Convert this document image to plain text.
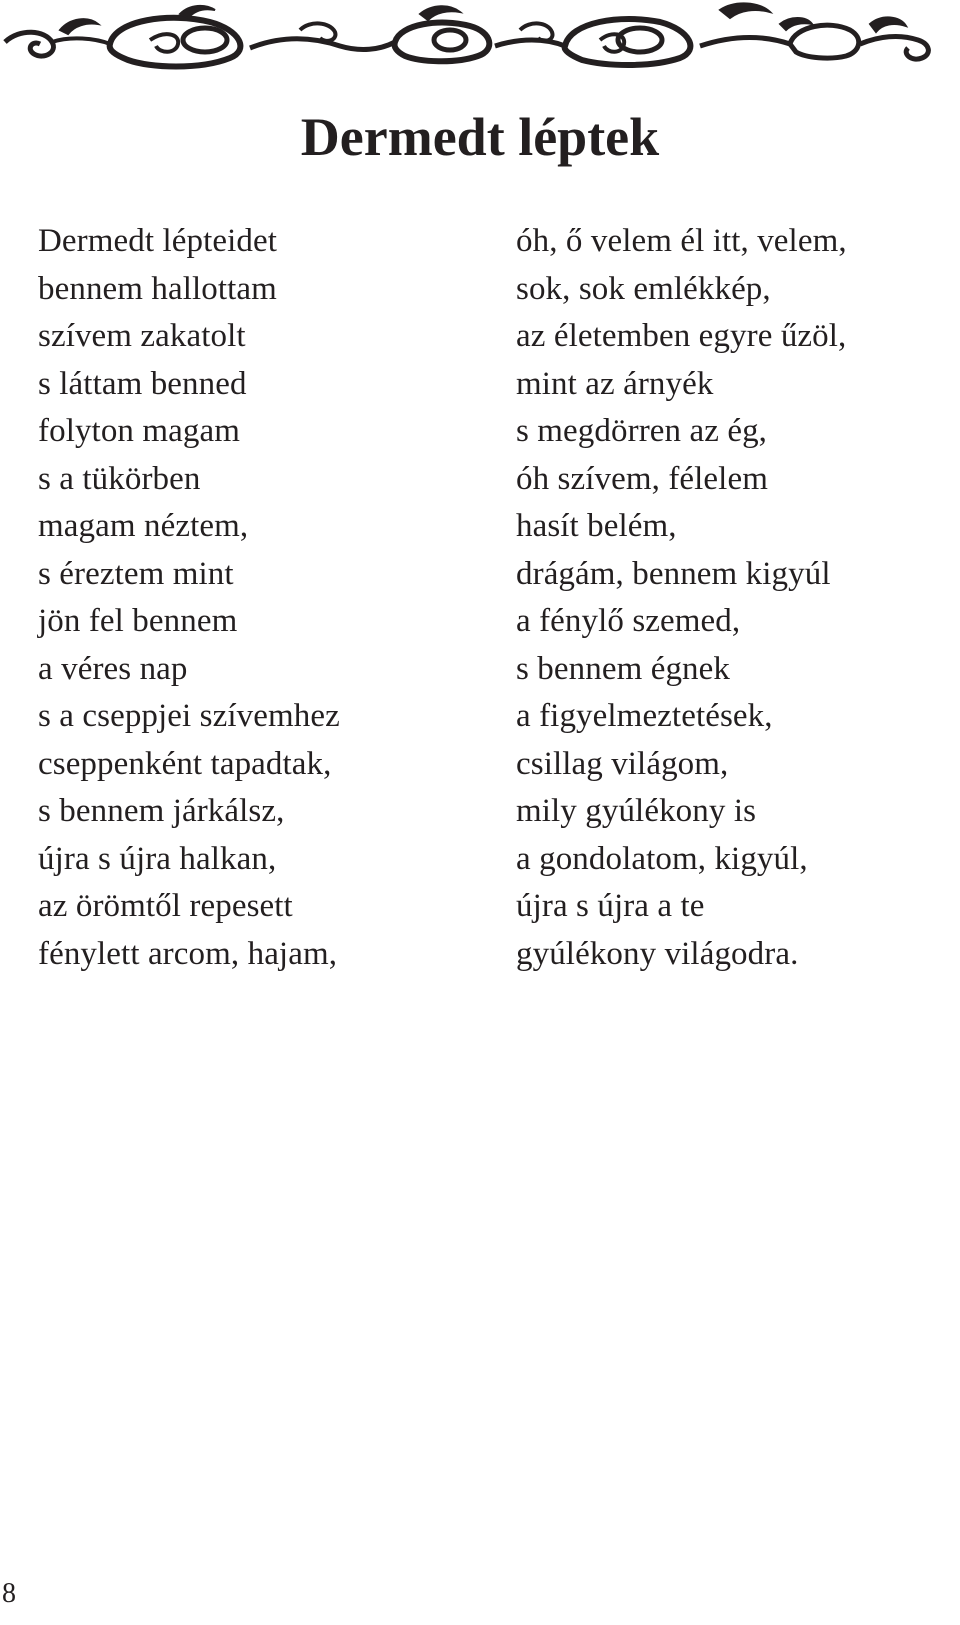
Dermedt léptek
Dermedt lépteidet
bennem hallottam
szívem zakatolt
s láttam benned
folyton magam
s a tükörben
magam néztem,
s éreztem mint
jön fel bennem
a véres nap
s a cseppjei szívemhez
cseppenként tapadtak,
s bennem járkálsz,
újra s újra halkan,
az örömtől repesett
fénylett arcom, hajam,
óh, ő velem él itt, velem,
sok, sok emlékkép,
az életemben egyre űzöl,
mint az árnyék
s megdörren az ég,
óh szívem, félelem
hasít belém,
drágám, bennem kigyúl
a fénylő szemed,
s bennem égnek
a figyelmeztetések,
csillag világom,
mily gyúlékony is
a gondolatom, kigyúl,
újra s újra a te
gyúlékony világodra.
8
